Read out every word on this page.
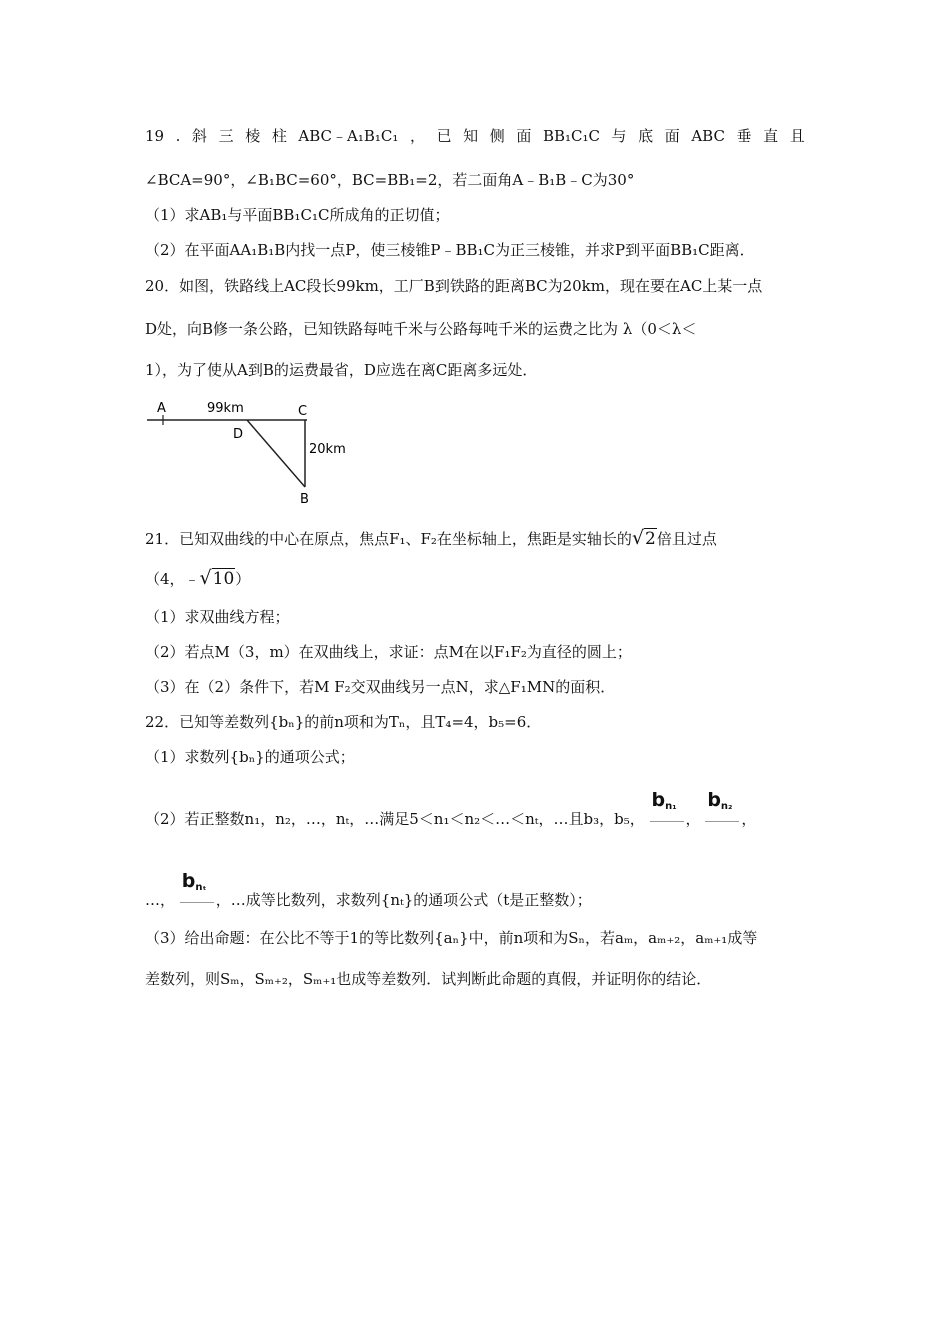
19 . 斜 三 棱 柱 ABC﹣A₁B₁C₁ ， 已 知 侧 面 BB₁C₁C 与 底 面 ABC 垂 直 且
∠BCA=90°，∠B₁BC=60°，BC=BB₁=2，若二面角A﹣B₁B﹣C为30°
（1）求AB₁与平面BB₁C₁C所成角的正切值；
（2）在平面AA₁B₁B内找一点P，使三棱锥P﹣BB₁C为正三棱锥，并求P到平面BB₁C距离．
20．如图，铁路线上AC段长99km，工厂B到铁路的距离BC为20km，现在要在AC上某一点
D处，向B修一条公路，已知铁路每吨千米与公路每吨千米的运费之比为 λ（0＜λ＜
1），为了使从A到B的运费最省，D应选在离C距离多远处．
A	99km	C
D
20km
B
21．已知双曲线的中心在原点，焦点F₁、F₂在坐标轴上，焦距是实轴长的√2倍且过点
（4，﹣√10）
（1）求双曲线方程；
（2）若点M（3，m）在双曲线上，求证：点M在以F₁F₂为直径的圆上；
（3）在（2）条件下，若M F₂交双曲线另一点N，求△F₁MN的面积．
22．已知等差数列{bₙ}的前n项和为Tₙ，且T₄=4，b₅=6．
（1）求数列{bₙ}的通项公式；
（2）若正整数n₁，n₂，…，nₜ，…满足5＜n₁＜n₂＜…＜nₜ，…且b₃，b₅，
$b_{n_1}$
，
$b_{n_2}$
，
…，
$b_{n_t}$
，…成等比数列，求数列{nₜ}的通项公式（t是正整数）；
（3）给出命题：在公比不等于1的等比数列{aₙ}中，前n项和为Sₙ，若aₘ，aₘ₊₂，aₘ₊₁成等
差数列，则Sₘ，Sₘ₊₂，Sₘ₊₁也成等差数列．试判断此命题的真假，并证明你的结论．
